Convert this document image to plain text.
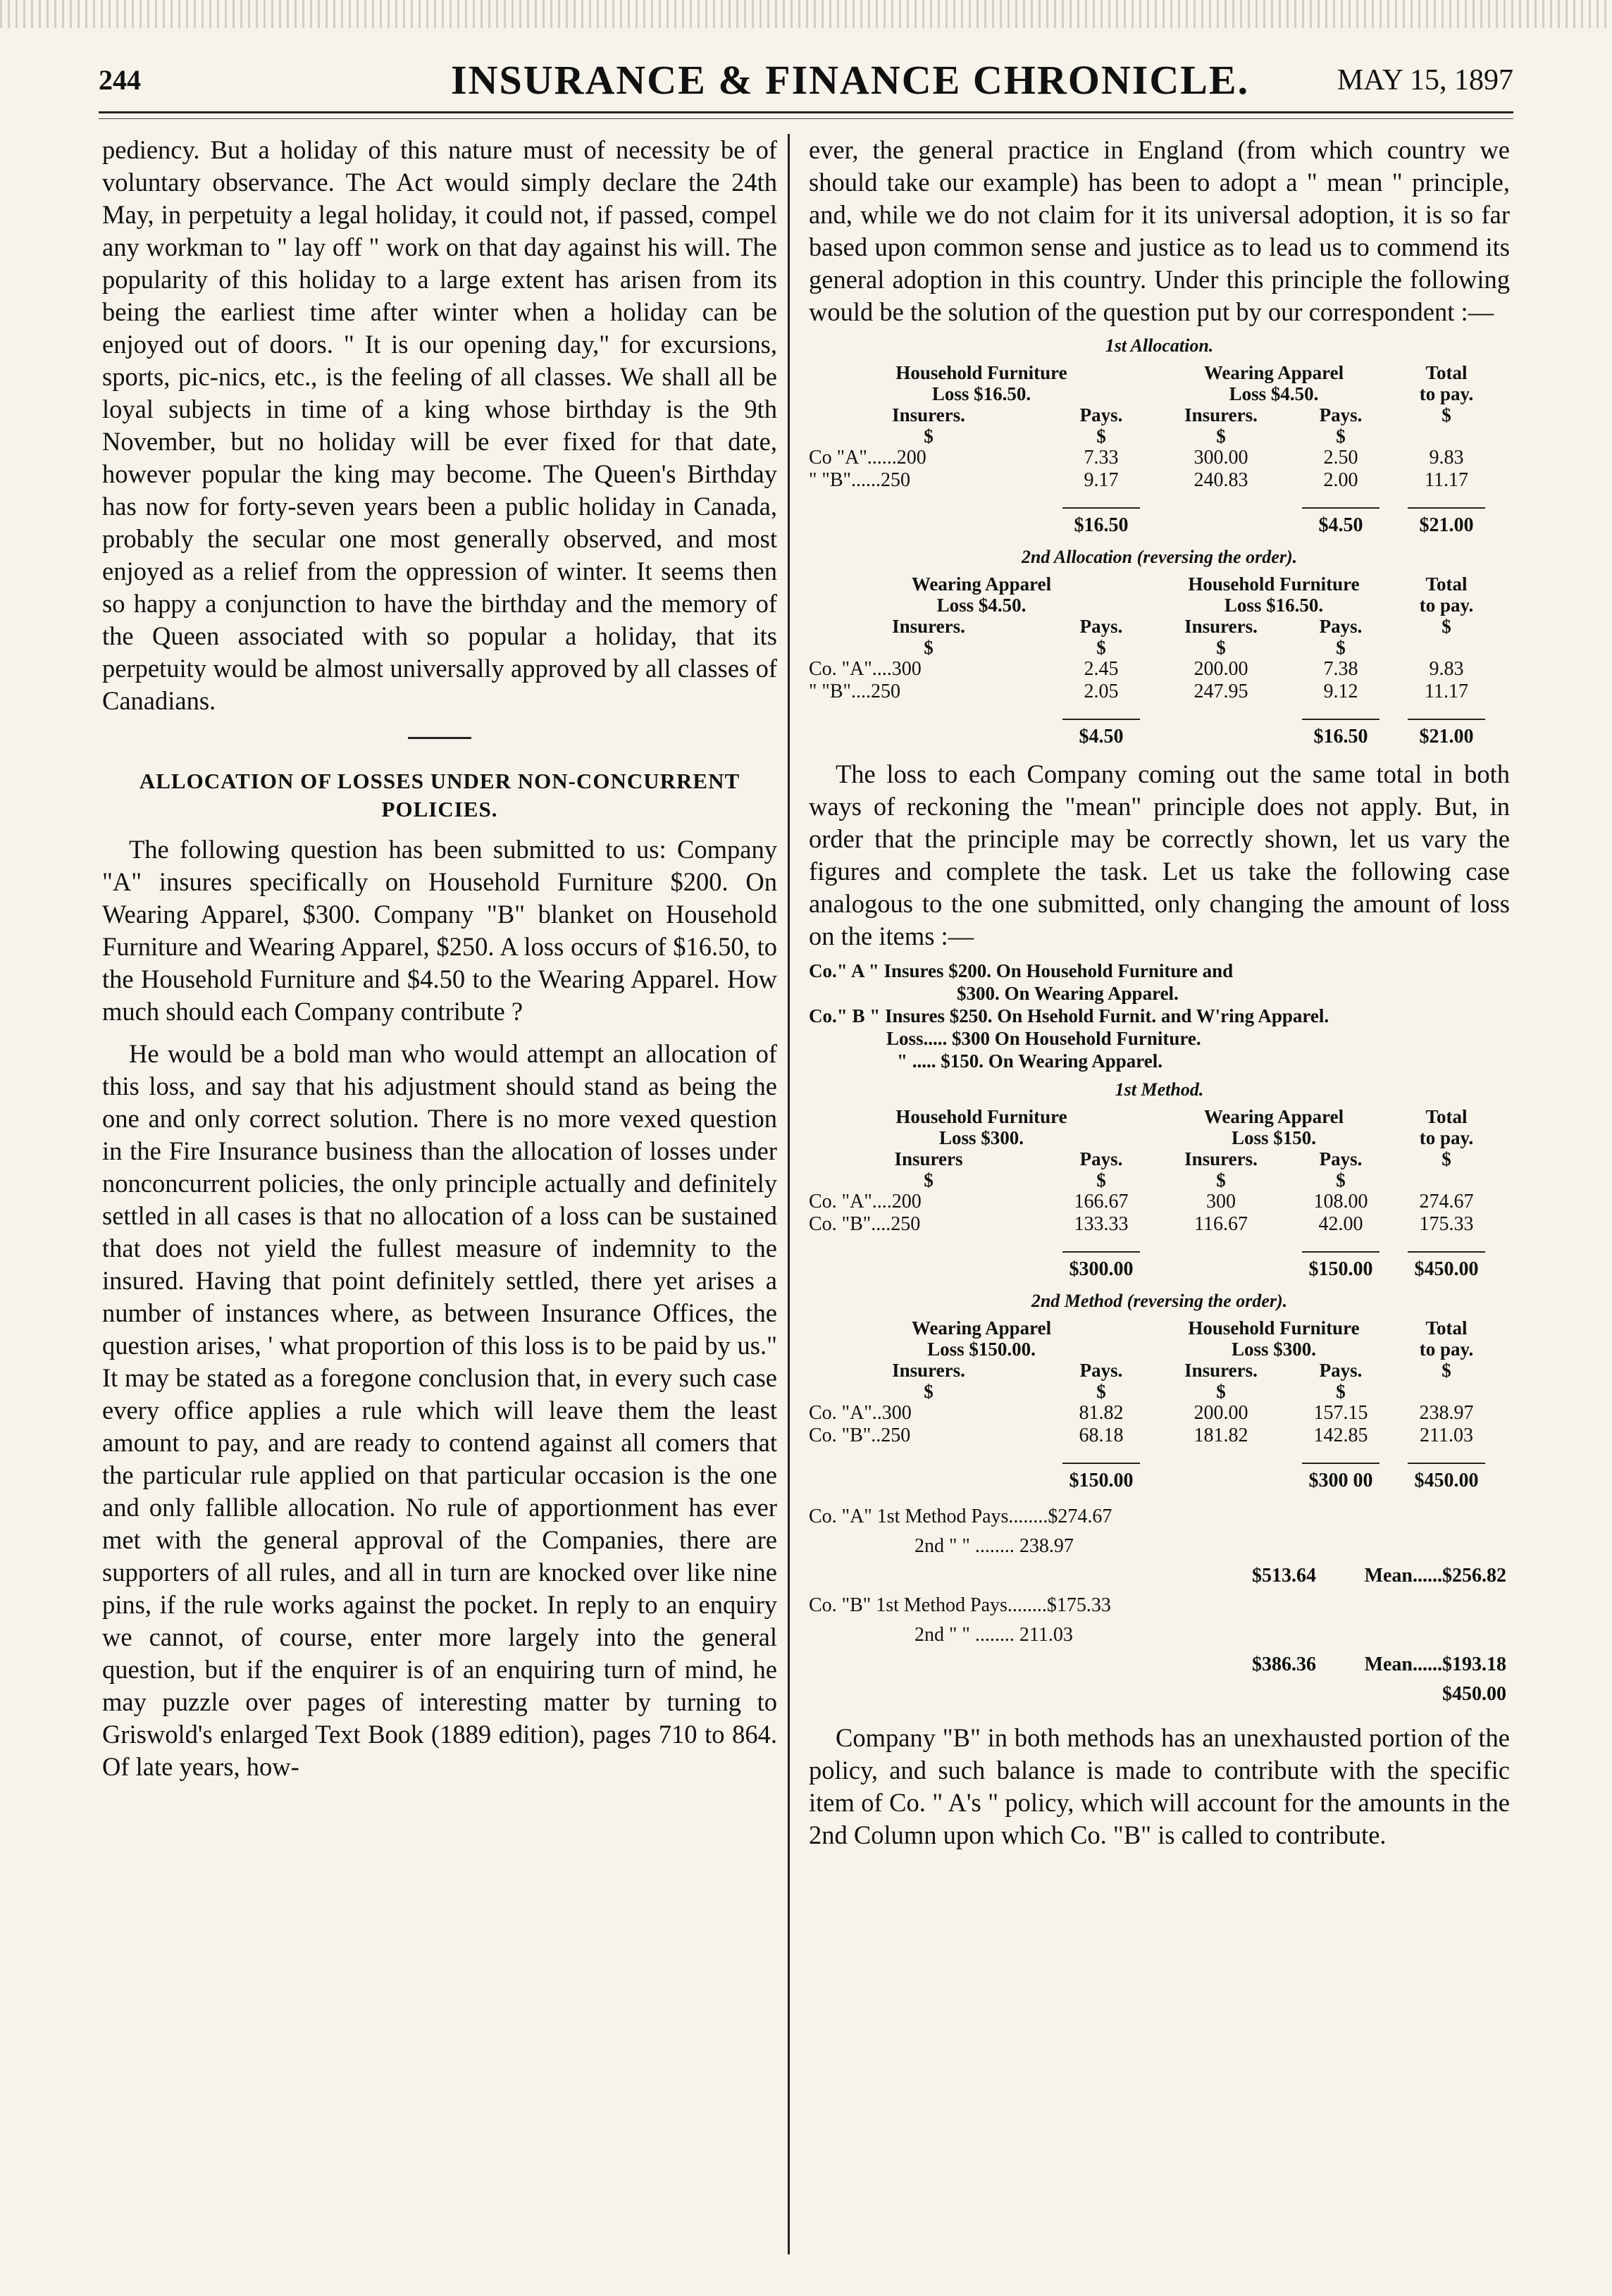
244	INSURANCE & FINANCE CHRONICLE.	MAY 15, 1897

pediency. But a holiday of this nature must of necessity be of voluntary observance. The Act would simply declare the 24th May, in perpetuity a legal holiday, it could not, if passed, compel any workman to " lay off " work on that day against his will. The popularity of this holiday to a large extent has arisen from its being the earliest time after winter when a holiday can be enjoyed out of doors. " It is our opening day," for excursions, sports, pic-nics, etc., is the feeling of all classes. We shall all be loyal subjects in time of a king whose birthday is the 9th November, but no holiday will be ever fixed for that date, however popular the king may become. The Queen's Birthday has now for forty-seven years been a public holiday in Canada, probably the secular one most generally observed, and most enjoyed as a relief from the oppression of winter. It seems then so happy a conjunction to have the birthday and the memory of the Queen associated with so popular a holiday, that its perpetuity would be almost universally approved by all classes of Canadians.

ALLOCATION OF LOSSES UNDER NON-CONCURRENT POLICIES.

The following question has been submitted to us: Company "A" insures specifically on Household Furniture $200. On Wearing Apparel, $300. Company "B" blanket on Household Furniture and Wearing Apparel, $250. A loss occurs of $16.50, to the Household Furniture and $4.50 to the Wearing Apparel. How much should each Company contribute ?

He would be a bold man who would attempt an allocation of this loss, and say that his adjustment should stand as being the one and only correct solution. There is no more vexed question in the Fire Insurance business than the allocation of losses under nonconcurrent policies, the only principle actually and definitely settled in all cases is that no allocation of a loss can be sustained that does not yield the fullest measure of indemnity to the insured. Having that point definitely settled, there yet arises a number of instances where, as between Insurance Offices, the question arises, ' what proportion of this loss is to be paid by us." It may be stated as a foregone conclusion that, in every such case every office applies a rule which will leave them the least amount to pay, and are ready to contend against all comers that the particular rule applied on that particular occasion is the one and only fallible allocation. No rule of apportionment has ever met with the general approval of the Companies, there are supporters of all rules, and all in turn are knocked over like nine pins, if the rule works against the pocket. In reply to an enquiry we cannot, of course, enter more largely into the general question, but if the enquirer is of an enquiring turn of mind, he may puzzle over pages of interesting matter by turning to Griswold's enlarged Text Book (1889 edition), pages 710 to 864. Of late years, how-

ever, the general practice in England (from which country we should take our example) has been to adopt a " mean " principle, and, while we do not claim for it its universal adoption, it is so far based upon common sense and justice as to lead us to commend its general adoption in this country. Under this principle the following would be the solution of the question put by our correspondent :—

1st Allocation.
Household Furniture	Wearing Apparel	Total
Loss $16.50.	Loss $4.50.	to pay.
Insurers.	Pays.	Insurers.	Pays.	$
$	$	$	$
Co "A"......200	7.33	300.00	2.50	9.83
" "B"......250	9.17	240.83	2.00	11.17
$16.50	$4.50	$21.00
2nd Allocation (reversing the order).
Wearing Apparel	Household Furniture	Total
Loss $4.50.	Loss $16.50.	to pay.
Insurers.	Pays.	Insurers.	Pays.	$
$	$	$	$
Co. "A"....300	2.45	200.00	7.38	9.83
" "B"....250	2.05	247.95	9.12	11.17
$4.50	$16.50	$21.00

The loss to each Company coming out the same total in both ways of reckoning the "mean" principle does not apply. But, in order that the principle may be correctly shown, let us vary the figures and complete the task. Let us take the following case analogous to the one submitted, only changing the amount of loss on the items :—

Co." A " Insures $200. On Household Furniture and
$300. On Wearing Apparel.
Co." B " Insures $250. On Hsehold Furnit. and W'ring Apparel.
Loss..... $300 On Household Furniture.
" ..... $150. On Wearing Apparel.
1st Method.
Household Furniture	Wearing Apparel	Total
Loss $300.	Loss $150.	to pay.
Insurers	Pays.	Insurers.	Pays.	$
$	$	$	$
Co. "A"....200	166.67	300	108.00	274.67
Co. "B"....250	133.33	116.67	42.00	175.33
$300.00	$150.00	$450.00
2nd Method (reversing the order).
Wearing Apparel	Household Furniture	Total
Loss $150.00.	Loss $300.	to pay.
Insurers.	Pays.	Insurers.	Pays.	$
$	$	$	$
Co. "A"..300	81.82	200.00	157.15	238.97
Co. "B"..250	68.18	181.82	142.85	211.03
$150.00	$300 00	$450.00
Co. "A" 1st Method Pays........$274.67
2nd " " ........ 238.97
$513.64	Mean......$256.82
Co. "B" 1st Method Pays........$175.33
2nd " " ........ 211.03
$386.36	Mean......$193.18
$450.00

Company "B" in both methods has an unexhausted portion of the policy, and such balance is made to contribute with the specific item of Co. " A's " policy, which will account for the amounts in the 2nd Column upon which Co. "B" is called to contribute.
